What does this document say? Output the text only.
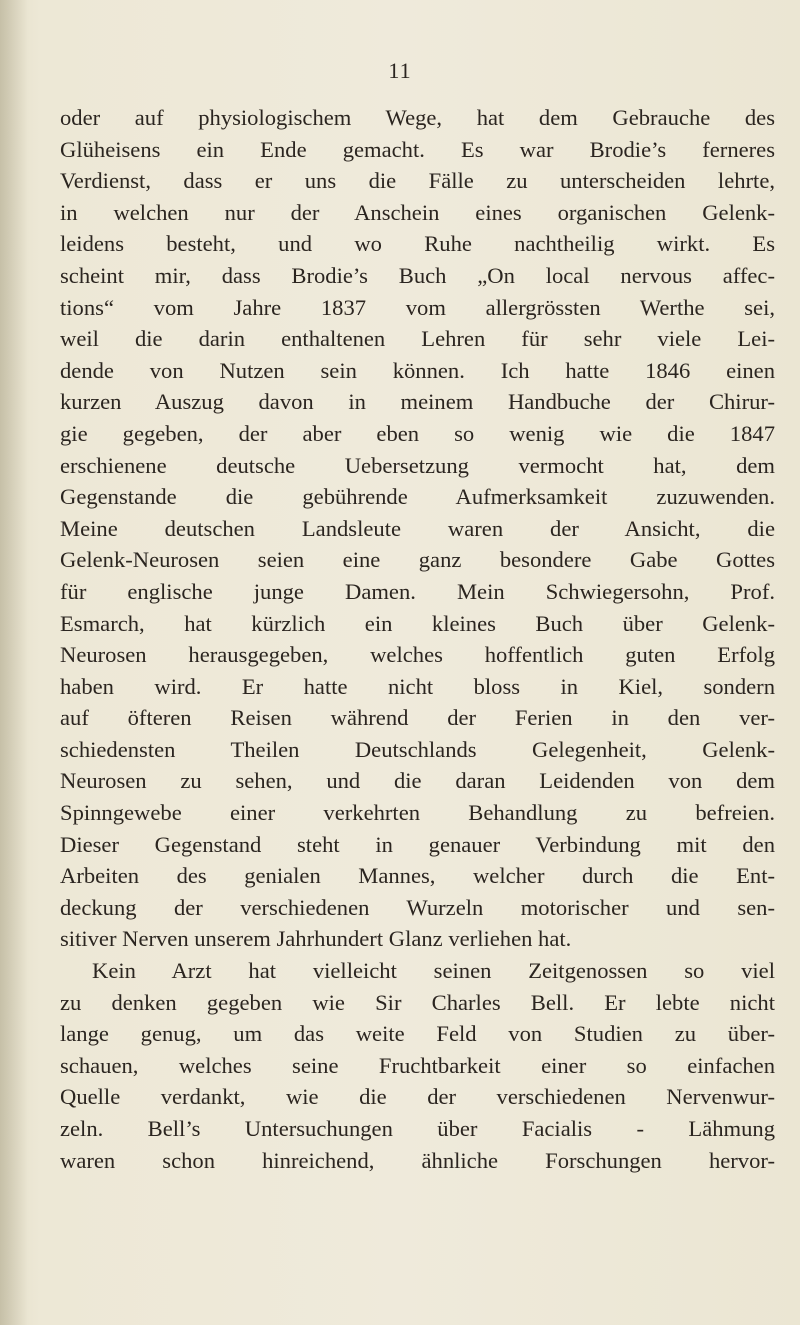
11
oder auf physiologischem Wege, hat dem Gebrauche des
Glüheisens ein Ende gemacht. Es war Brodie’s ferneres
Verdienst, dass er uns die Fälle zu unterscheiden lehrte,
in welchen nur der Anschein eines organischen Gelenk-
leidens besteht, und wo Ruhe nachtheilig wirkt. Es
scheint mir, dass Brodie’s Buch „On local nervous affec-
tions“ vom Jahre 1837 vom allergrössten Werthe sei,
weil die darin enthaltenen Lehren für sehr viele Lei-
dende von Nutzen sein können. Ich hatte 1846 einen
kurzen Auszug davon in meinem Handbuche der Chirur-
gie gegeben, der aber eben so wenig wie die 1847
erschienene deutsche Uebersetzung vermocht hat, dem
Gegenstande die gebührende Aufmerksamkeit zuzuwenden.
Meine deutschen Landsleute waren der Ansicht, die
Gelenk-Neurosen seien eine ganz besondere Gabe Gottes
für englische junge Damen. Mein Schwiegersohn, Prof.
Esmarch, hat kürzlich ein kleines Buch über Gelenk-
Neurosen herausgegeben, welches hoffentlich guten Erfolg
haben wird. Er hatte nicht bloss in Kiel, sondern
auf öfteren Reisen während der Ferien in den ver-
schiedensten Theilen Deutschlands Gelegenheit, Gelenk-
Neurosen zu sehen, und die daran Leidenden von dem
Spinngewebe einer verkehrten Behandlung zu befreien.
Dieser Gegenstand steht in genauer Verbindung mit den
Arbeiten des genialen Mannes, welcher durch die Ent-
deckung der verschiedenen Wurzeln motorischer und sen-
sitiver Nerven unserem Jahrhundert Glanz verliehen hat.
Kein Arzt hat vielleicht seinen Zeitgenossen so viel
zu denken gegeben wie Sir Charles Bell. Er lebte nicht
lange genug, um das weite Feld von Studien zu über-
schauen, welches seine Fruchtbarkeit einer so einfachen
Quelle verdankt, wie die der verschiedenen Nervenwur-
zeln. Bell’s Untersuchungen über Facialis - Lähmung
waren schon hinreichend, ähnliche Forschungen hervor-
